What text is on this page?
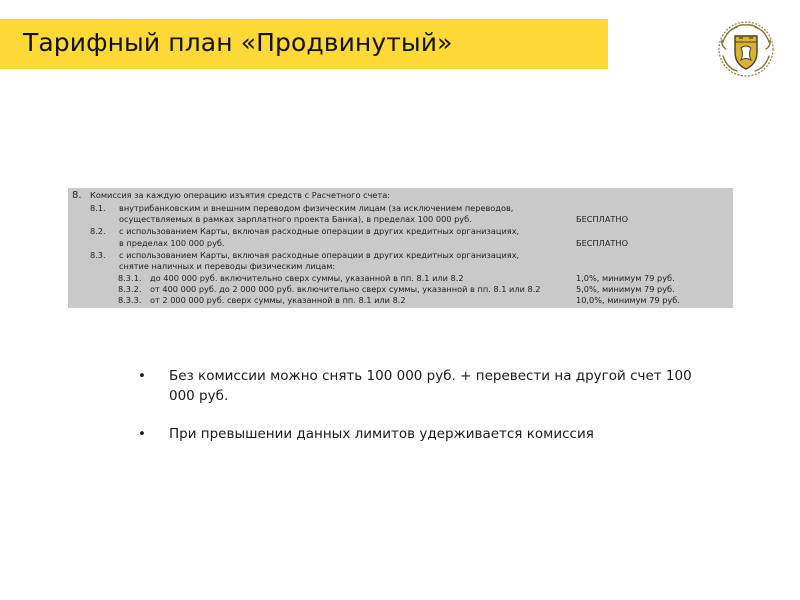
Тарифный план «Продвинутый»
8. Комиссия за каждую операцию изъятия средств с Расчетного счета:
8.1. внутрибанковским и внешним переводом физическим лицам (за исключением переводов,
осуществляемых в рамках зарплатного проекта Банка), в пределах 100 000 руб.	БЕСПЛАТНО
8.2. с использованием Карты, включая расходные операции в других кредитных организациях,
в пределах 100 000 руб.	БЕСПЛАТНО
8.3. с использованием Карты, включая расходные операции в других кредитных организациях,
снятие наличных и переводы физическим лицам:
8.3.1. до 400 000 руб. включительно сверх суммы, указанной в пп. 8.1 или 8.2	1,0%, минимум 79 руб.
8.3.2. от 400 000 руб. до 2 000 000 руб. включительно сверх суммы, указанной в пп. 8.1 или 8.2	5,0%, минимум 79 руб.
8.3.3. от 2 000 000 руб. сверх суммы, указанной в пп. 8.1 или 8.2	10,0%, минимум 79 руб.
• Без комиссии можно снять 100 000 руб. + перевести на другой счет 100 000 руб.
• При превышении данных лимитов удерживается комиссия
